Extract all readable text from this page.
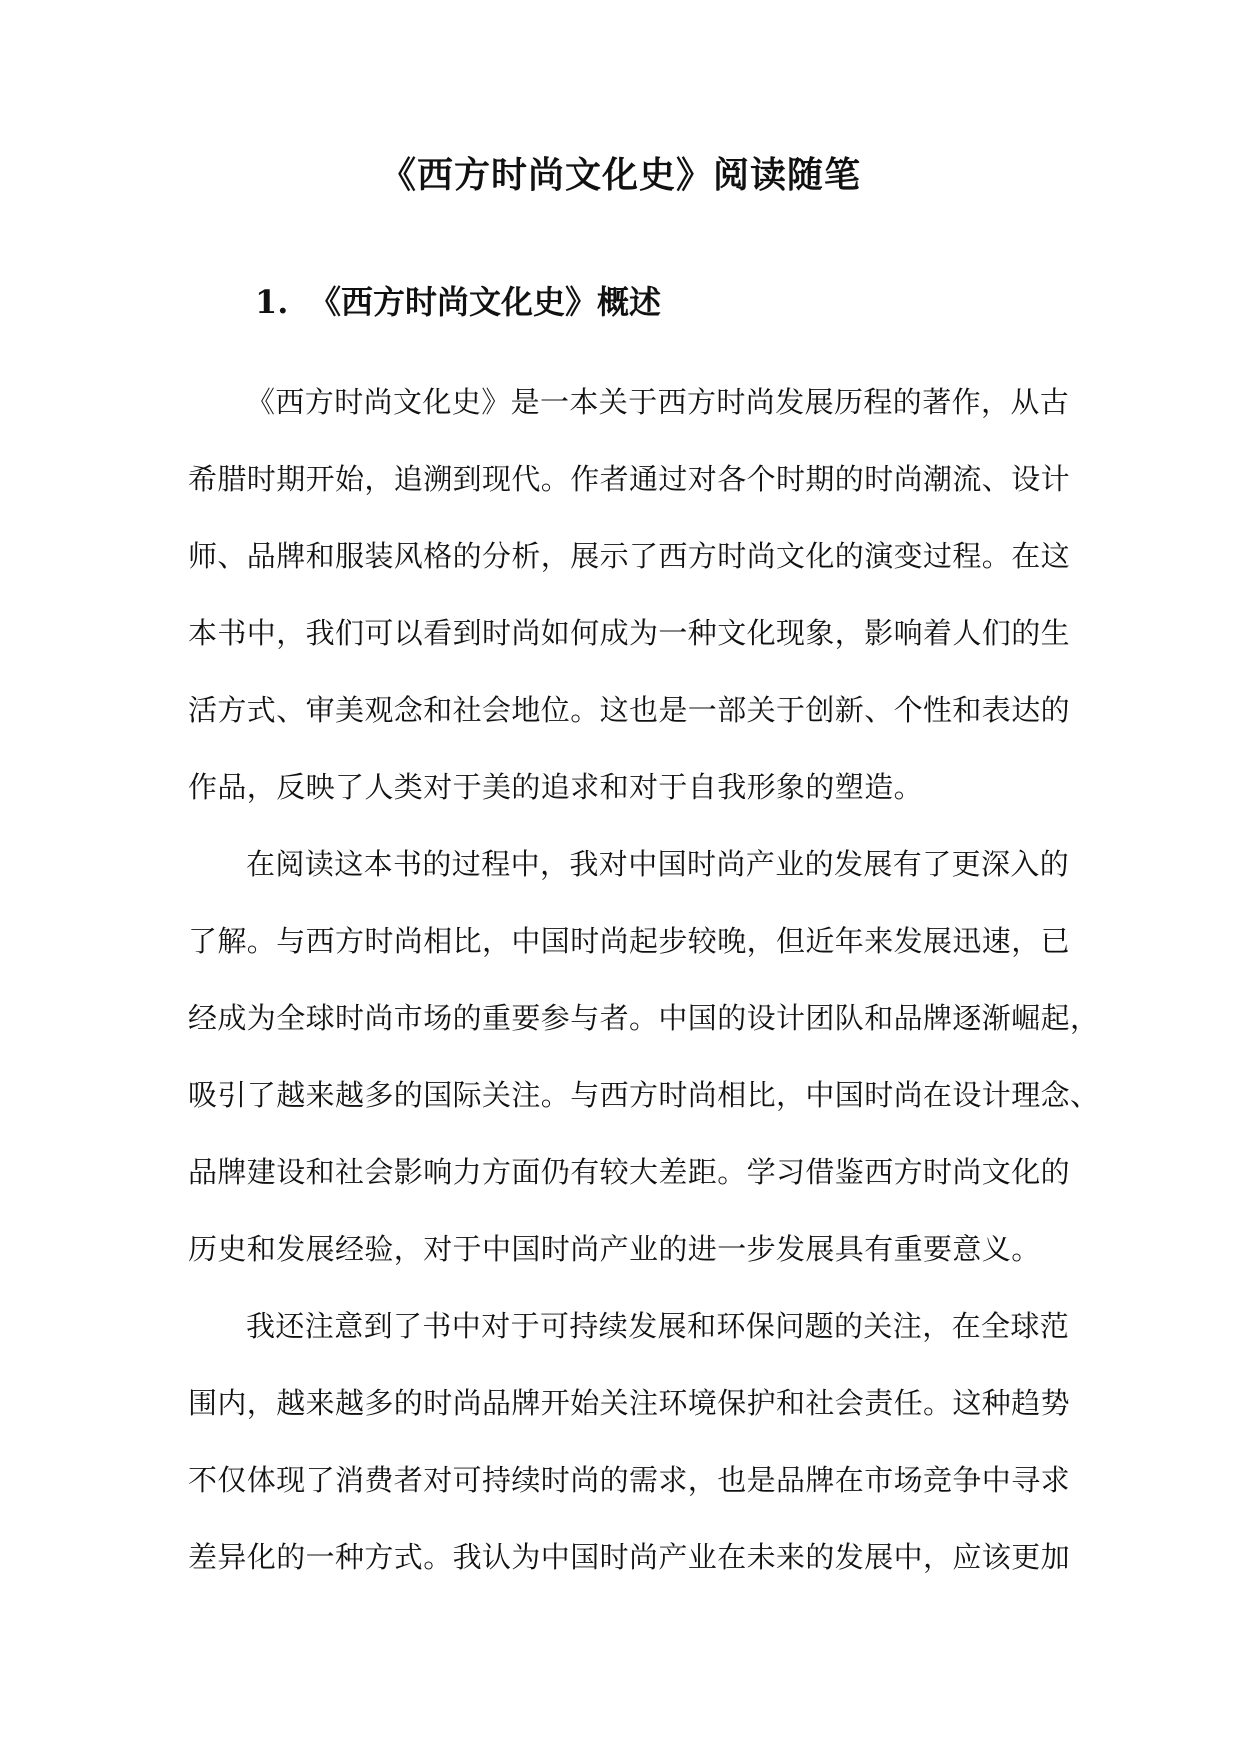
《西方时尚文化史》阅读随笔
1. 《西方时尚文化史》概述

《西方时尚文化史》是一本关于西方时尚发展历程的著作，从古
希腊时期开始，追溯到现代。作者通过对各个时期的时尚潮流、设计
师、品牌和服装风格的分析，展示了西方时尚文化的演变过程。在这
本书中，我们可以看到时尚如何成为一种文化现象，影响着人们的生
活方式、审美观念和社会地位。这也是一部关于创新、个性和表达的
作品，反映了人类对于美的追求和对于自我形象的塑造。

在阅读这本书的过程中，我对中国时尚产业的发展有了更深入的
了解。与西方时尚相比，中国时尚起步较晚，但近年来发展迅速，已
经成为全球时尚市场的重要参与者。中国的设计团队和品牌逐渐崛起，
吸引了越来越多的国际关注。与西方时尚相比，中国时尚在设计理念、
品牌建设和社会影响力方面仍有较大差距。学习借鉴西方时尚文化的
历史和发展经验，对于中国时尚产业的进一步发展具有重要意义。

我还注意到了书中对于可持续发展和环保问题的关注，在全球范
围内，越来越多的时尚品牌开始关注环境保护和社会责任。这种趋势
不仅体现了消费者对可持续时尚的需求，也是品牌在市场竞争中寻求
差异化的一种方式。我认为中国时尚产业在未来的发展中，应该更加
